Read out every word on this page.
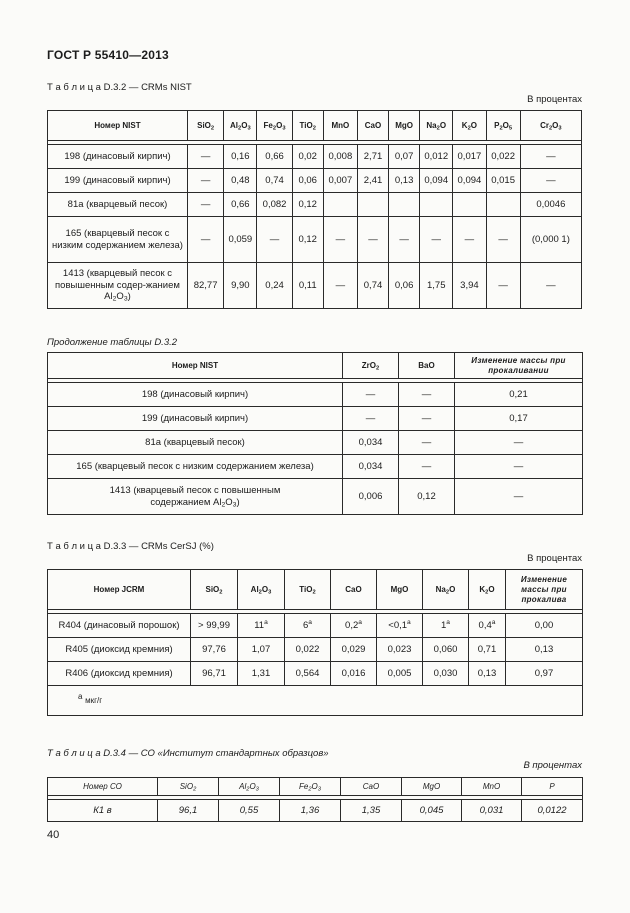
ГОСТ Р 55410—2013
Т а б л и ц а D.3.2 — CRMs NIST
В процентах
Номер NIST	SiO$_2$	$Al_2O_3$	$Fe_2O_3$	TiO$_2$	MnO	CaO	MgO	$Na_2O$	$K_2O$	$P_2O_5$	$Cr_2O_3$

198 (динасовый кирпич)	—	0,16	0,66	0,02	0,008	2,71	0,07	0,012	0,017	0,022	—
199 (динасовый кирпич)	—	0,48	0,74	0,06	0,007	2,41	0,13	0,094	0,094	0,015	—
81a (кварцевый песок)	—	0,66	0,082	0,12							0,0046
165 (кварцевый песок с низким содержанием железа)	—	0,059	—	0,12	—	—	—	—	—	—	(0,000 1)
1413 (кварцевый песок с повышенным содер-жанием $Al_2O_3$)	82,77	9,90	0,24	0,11	—	0,74	0,06	1,75	3,94	—	—
Продолжение таблицы D.3.2
Номер NIST	ZrO$_2$	BaO	Изменение массы при прокаливании

198 (динасовый кирпич)	—	—	0,21
199 (динасовый кирпич)	—	—	0,17
81a (кварцевый песок)	0,034	—	—
165 (кварцевый песок с низким содержанием железа)	0,034	—	—
1413 (кварцевый песок с повышенным
содержанием $Al_2O_3$)	0,006	0,12	—
Т а б л и ц а D.3.3 — CRMs CerSJ (%)
В процентах
Номер JCRM	SiO$_2$	$Al_2O_3$	TiO$_2$	CaO	MgO	$Na_2O$	$K_2O$	Изменение массы при прокалива

R404 (динасовый порошок)	> 99,99	11$^a$	6$^a$	0,2$^a$	<0,1$^a$	1$^a$	0,4$^a$	0,00
R405 (диоксид кремния)	97,76	1,07	0,022	0,029	0,023	0,060	0,71	0,13
R406 (диоксид кремния)	96,71	1,31	0,564	0,016	0,005	0,030	0,13	0,97
$^а$ мкг/г								
Т а б л и ц а D.3.4 — СО «Институт стандартных образцов»
В процентах
Номер СО	SiO$_2$	$Al_2O_3$	$Fe_2O_3$	CaO	MgO	MnO	P

К1 в	96,1	0,55	1,36	1,35	0,045	0,031	0,0122
40
